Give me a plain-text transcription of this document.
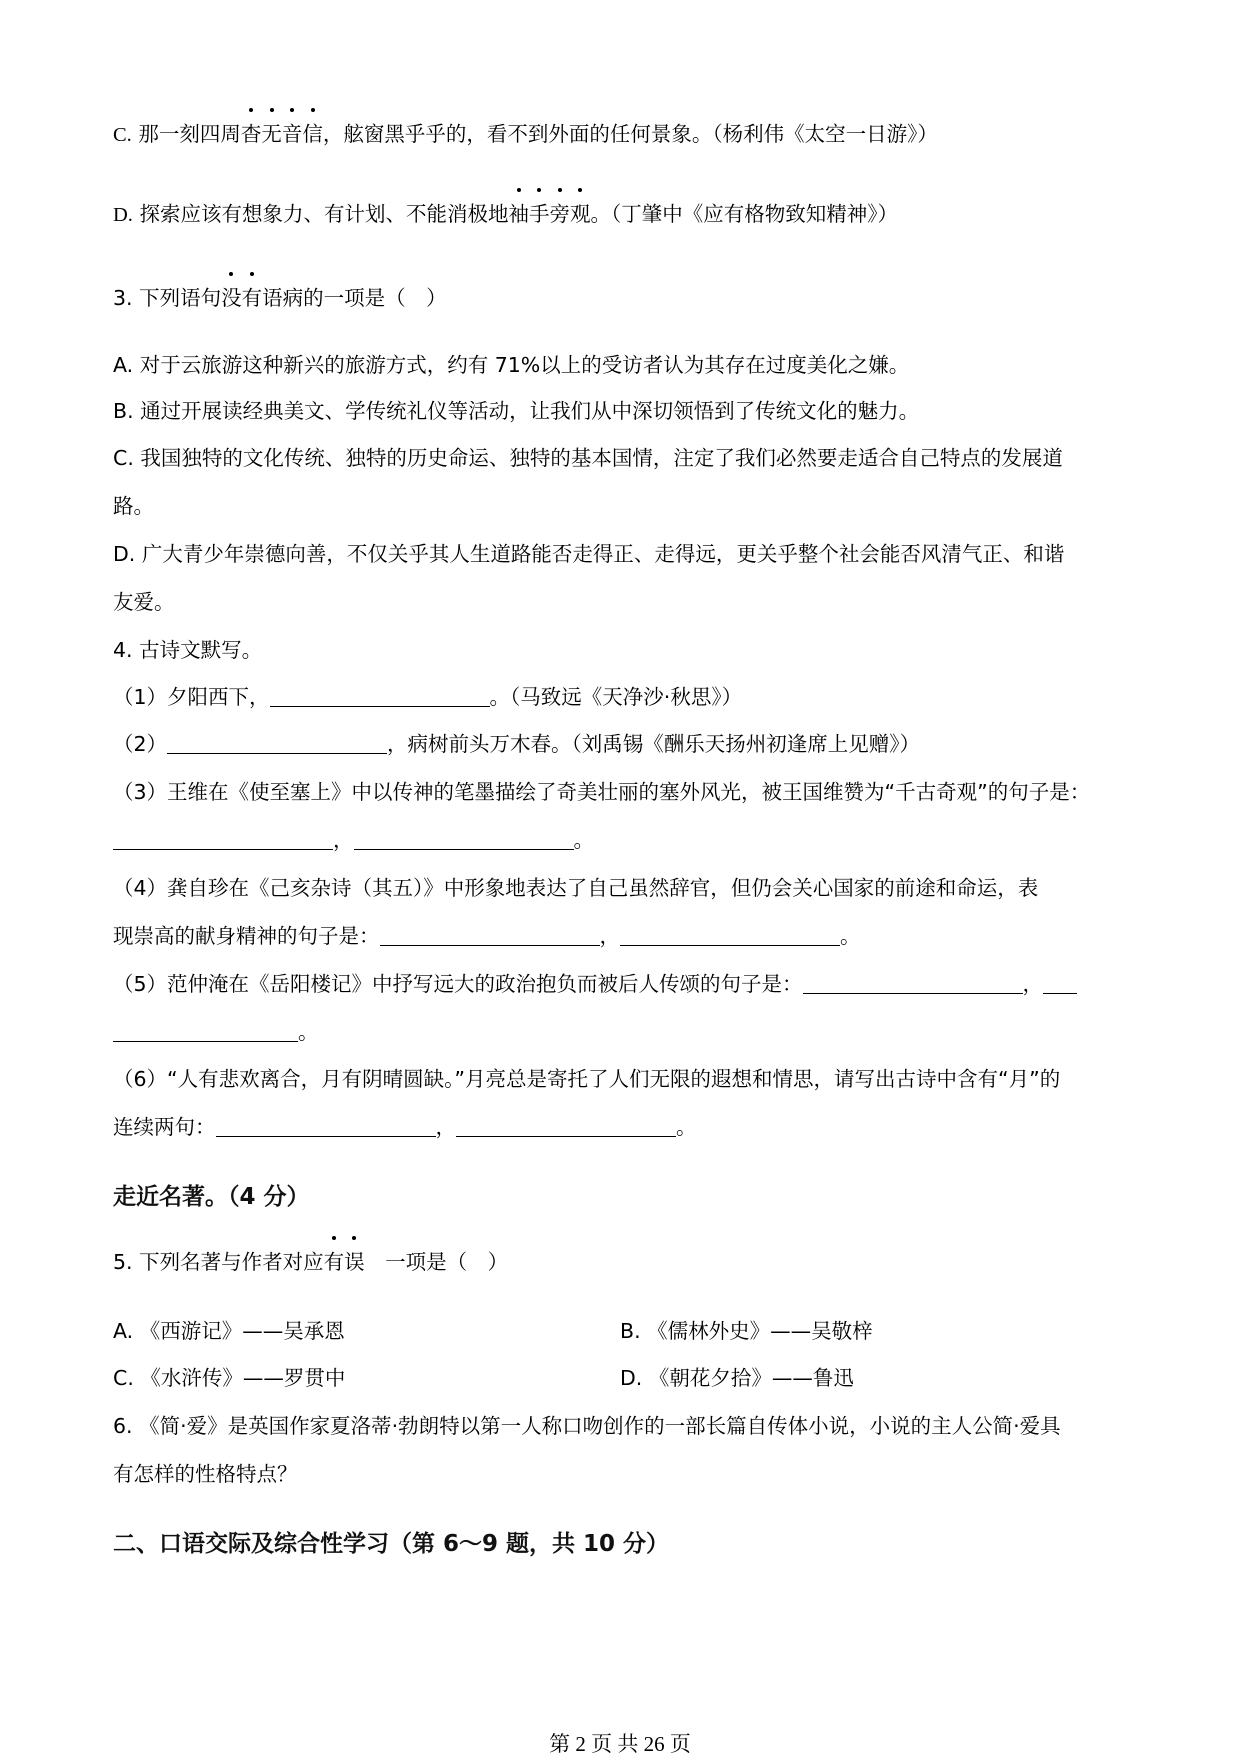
C. 那一刻四周
杳无音信，舷窗黑乎乎的，看不到外面的任何景象。（杨利伟《太空一日游》）
D. 探索应该有想象力、有计划、不能消极地
袖手旁观。（丁肇中《应有格物致知精神》）
3. 下列语句
没有语病的一项是（　）
A. 对于云旅游这种新兴的旅游方式，约有 71%以上的受访者认为其存在过度美化之嫌。
B. 通过开展读经典美文、学传统礼仪等活动，让我们从中深切领悟到了传统文化的魅力。
C. 我国独特的文化传统、独特的历史命运、独特的基本国情，注定了我们必然要走适合自己特点的发展道
路。
D. 广大青少年崇德向善，不仅关乎其人生道路能否走得正、走得远，更关乎整个社会能否风清气正、和谐
友爱。
4. 古诗文默写。
（1）夕阳西下，	。（马致远《天净沙·秋思》）
（2）	，病树前头万木春。（刘禹锡《酬乐天扬州初逢席上见赠》）
（3）王维在《使至塞上》中以传神的笔墨描绘了奇美壮丽的塞外风光，被王国维赞为“千古奇观”的句子是：
，	。
（4）龚自珍在《己亥杂诗（其五）》中形象地表达了自己虽然辞官，但仍会关心国家的前途和命运，表
现崇高的献身精神的句子是：	，	。
（5）范仲淹在《岳阳楼记》中抒写远大的政治抱负而被后人传颂的句子是：	，
。
（6）“人有悲欢离合，月有阴晴圆缺。”月亮总是寄托了人们无限的遐想和情思，请写出古诗中含有“月”的
连续两句：	，	。
走近名著。（4 分）
5. 下列名著与作者对应
有误　一项是（　）
A. 《西游记》——吴承恩	B. 《儒林外史》——吴敬梓
C. 《水浒传》——罗贯中	D. 《朝花夕拾》——鲁迅
6. 《简·爱》是英国作家夏洛蒂·勃朗特以第一人称口吻创作的一部长篇自传体小说，小说的主人公简·爱具
有怎样的性格特点？
二、口语交际及综合性学习（第 6～9 题，共 10 分）
第 2 页 共 26 页
